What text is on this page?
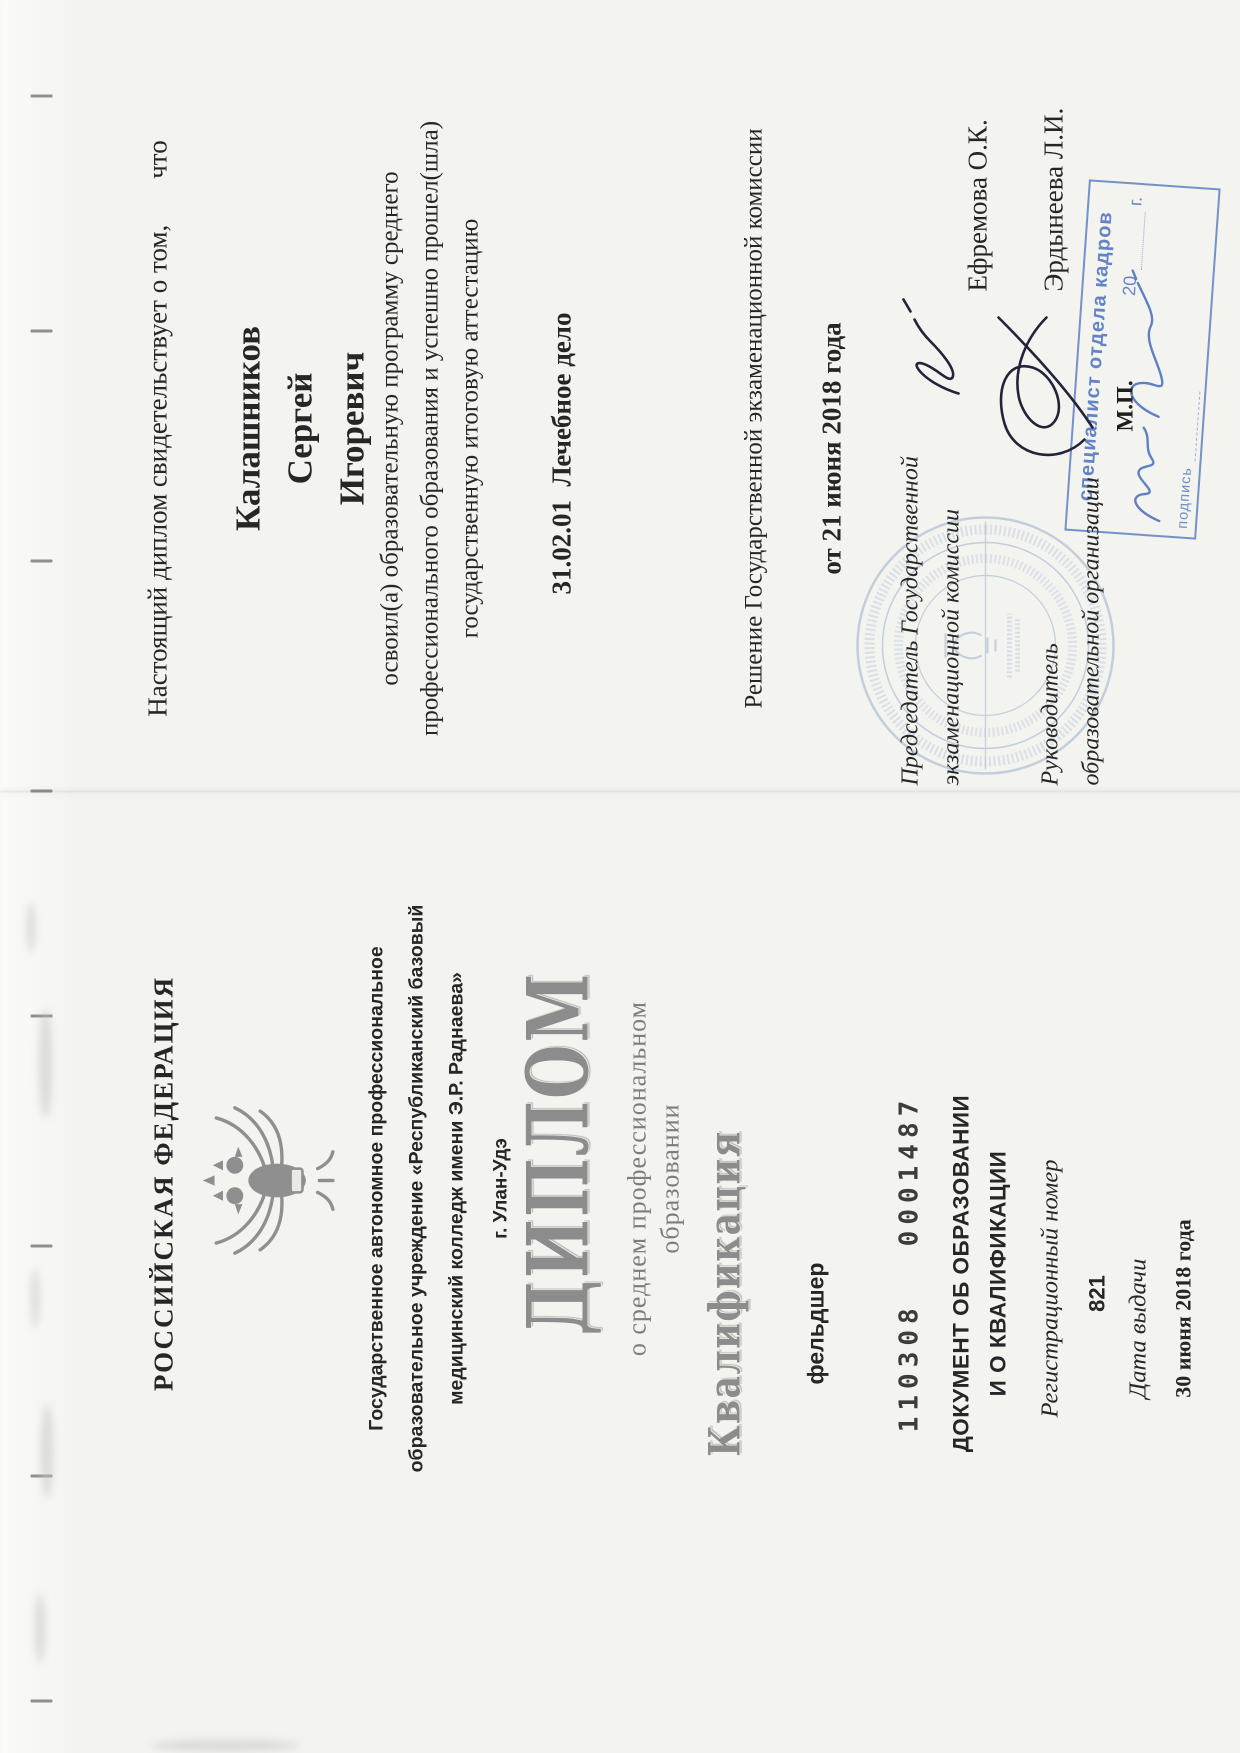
РОССИЙСКАЯ ФЕДЕРАЦИЯ	Государственное автономное профессиональное образовательное учреждение «Республиканский базовый медицинский колледж имени Э.Р. Раднаева»	г. Улан-Удэ
ДИПЛОМ о среднем профессиональном образовании Квалификация фельдшер	110308
0001487 ДОКУМЕНТ ОБ ОБРАЗОВАНИИ И О КВАЛИФИКАЦИИ Регистрационный номер 821 Дата выдачи 30 июня 2018 года
Настоящий диплом свидетельствует о том,
что
Калашников Сергей Игоревич освоил(а) образовательную программу среднего профессионального образования и успешно прошел(шла) государственную итоговую аттестацию 31.02.01  Лечебное дело	Решение Государственной экзаменационной комиссии от 21 июня 2018 года
Председатель Государственной экзаменационной комиссии
Ефремова О.К.
Руководитель образовательной организации
Эрдынеева Л.И.
М.П.
специалист отдела кадров 20
г.
подпись
